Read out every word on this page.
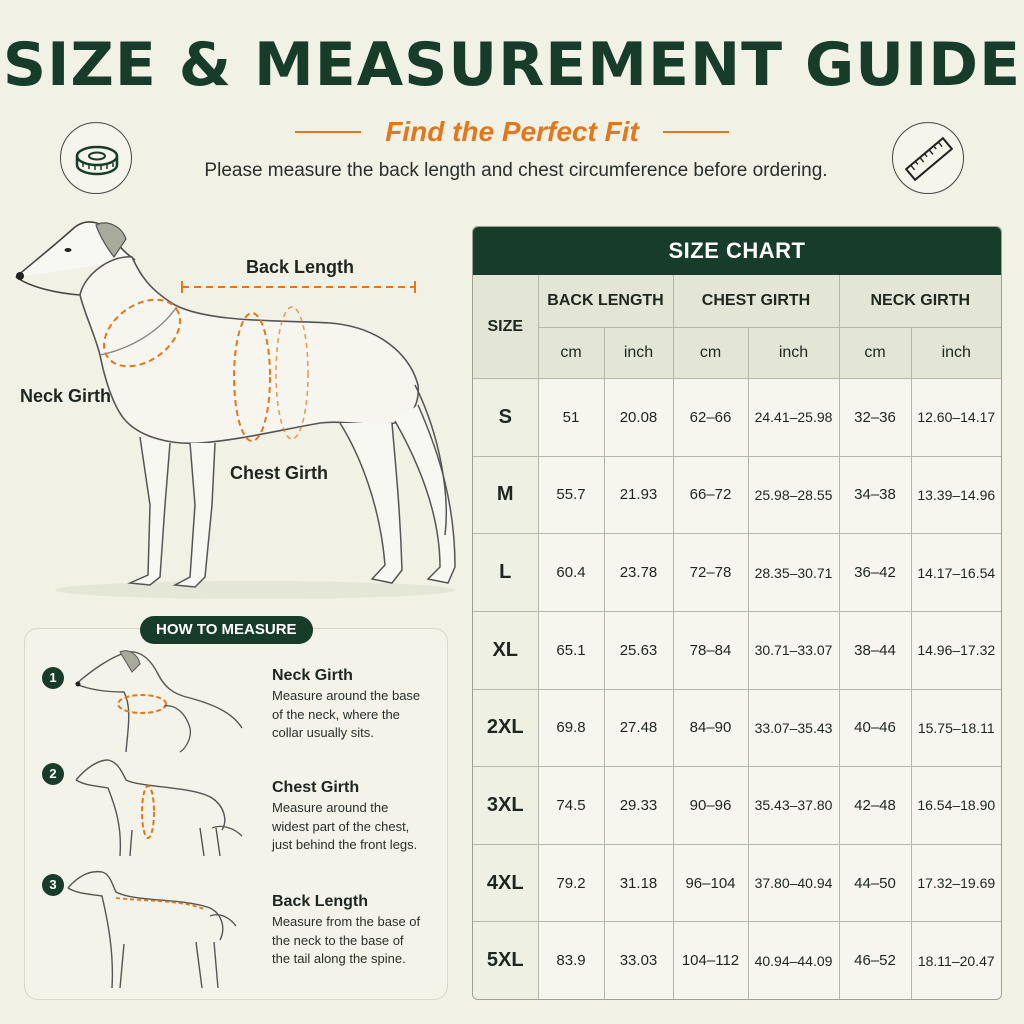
SIZE & MEASUREMENT GUIDE
Find the Perfect Fit
Please measure the back length and chest circumference before ordering.
Back Length
Neck Girth
Chest Girth
HOW TO MEASURE
1	Neck Girth
Measure around the base of the neck, where the collar usually sits.
2
Chest Girth
Measure around the widest part of the chest, just behind the front legs.
3
Back Length
Measure from the base of the neck to the base of the tail along the spine.
SIZE CHART
SIZE	BACK LENGTH		CHEST GIRTH		NECK GIRTH	
	cm	inch	cm	inch	cm	inch
S	51	20.08	62–66	24.41–25.98	32–36	12.60–14.17
M	55.7	21.93	66–72	25.98–28.55	34–38	13.39–14.96
L	60.4	23.78	72–78	28.35–30.71	36–42	14.17–16.54
XL	65.1	25.63	78–84	30.71–33.07	38–44	14.96–17.32
2XL	69.8	27.48	84–90	33.07–35.43	40–46	15.75–18.11
3XL	74.5	29.33	90–96	35.43–37.80	42–48	16.54–18.90
4XL	79.2	31.18	96–104	37.80–40.94	44–50	17.32–19.69
5XL	83.9	33.03	104–112	40.94–44.09	46–52	18.11–20.47
